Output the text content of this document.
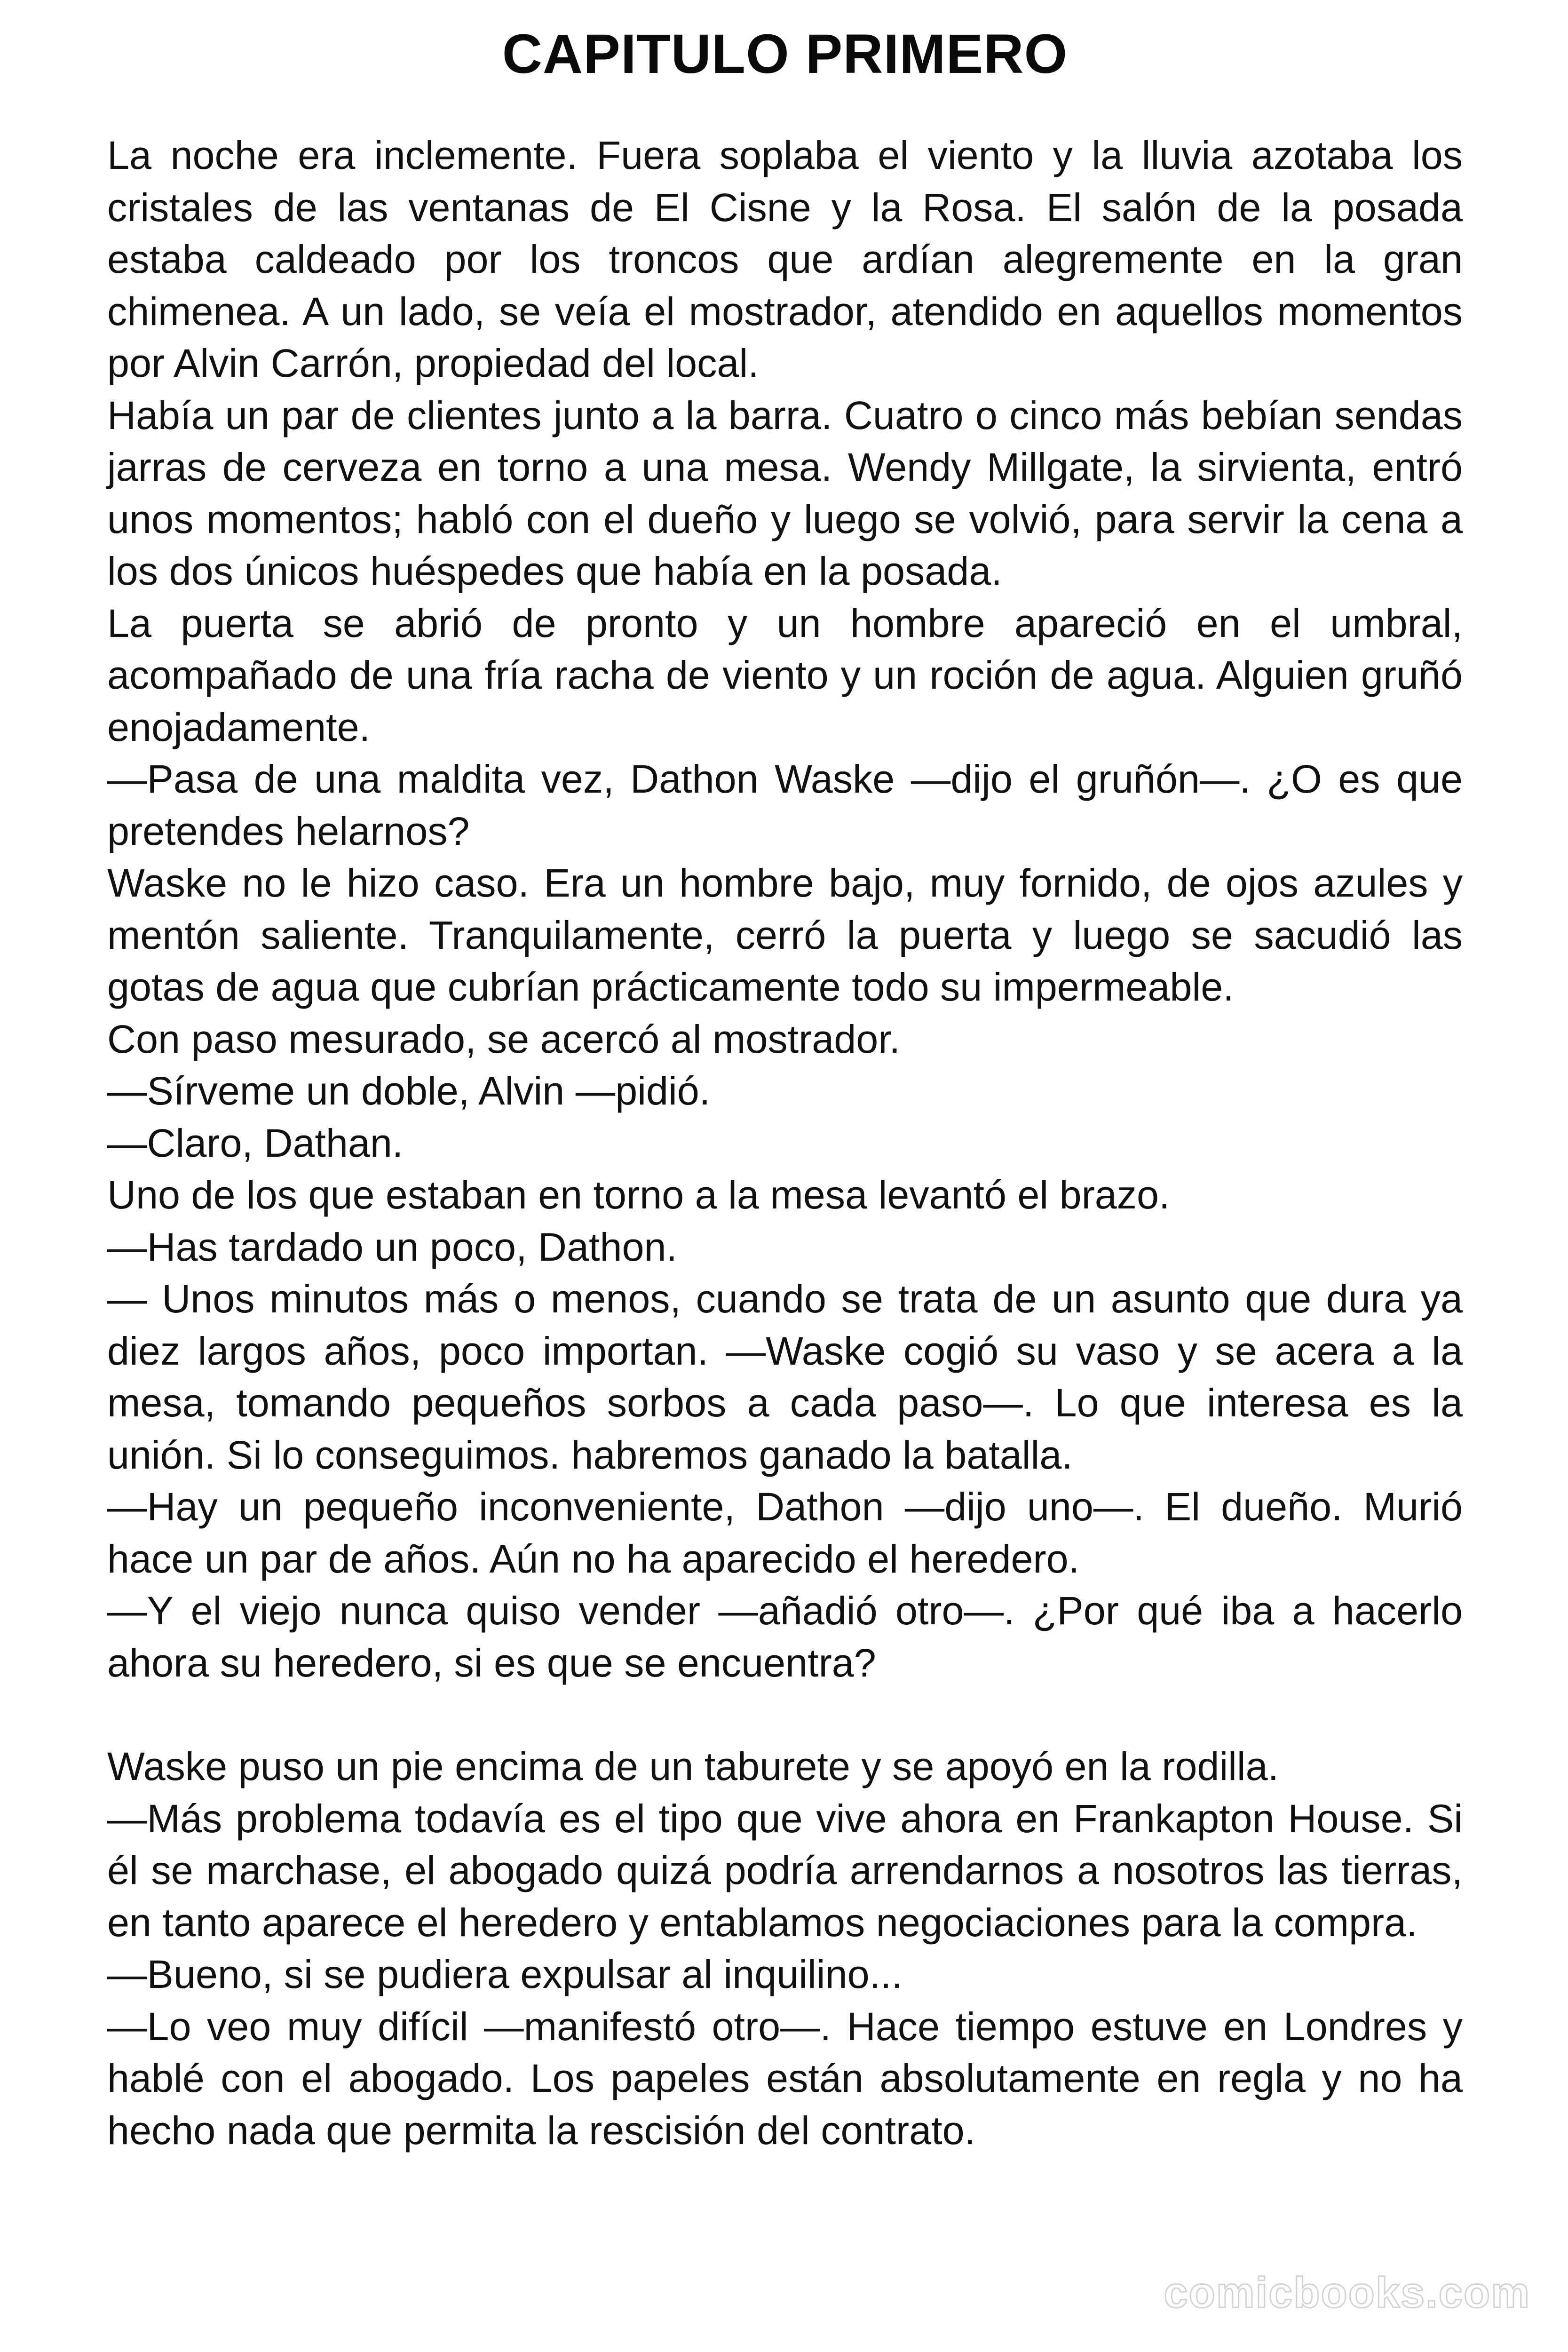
CAPITULO PRIMERO

La noche era inclemente. Fuera soplaba el viento y la lluvia azotaba los cristales de las ventanas de El Cisne y la Rosa. El salón de la posada estaba caldeado por los troncos que ardían alegremente en la gran chimenea. A un lado, se veía el mostrador, atendido en aquellos momentos por Alvin Carrón, propiedad del local.

Había un par de clientes junto a la barra. Cuatro o cinco más bebían sendas jarras de cerveza en torno a una mesa. Wendy Millgate, la sirvienta, entró unos momentos; habló con el dueño y luego se volvió, para servir la cena a los dos únicos huéspedes que había en la posada.

La puerta se abrió de pronto y un hombre apareció en el umbral, acompañado de una fría racha de viento y un roción de agua. Alguien gruñó enojadamente.

—Pasa de una maldita vez, Dathon Waske —dijo el gruñón—. ¿O es que pretendes helarnos?

Waske no le hizo caso. Era un hombre bajo, muy fornido, de ojos azules y mentón saliente. Tranquilamente, cerró la puerta y luego se sacudió las gotas de agua que cubrían prácticamente todo su impermeable.

Con paso mesurado, se acercó al mostrador.

—Sírveme un doble, Alvin —pidió.

—Claro, Dathan.

Uno de los que estaban en torno a la mesa levantó el brazo.

—Has tardado un poco, Dathon.

— Unos minutos más o menos, cuando se trata de un asunto que dura ya diez largos años, poco importan. —Waske cogió su vaso y se acera a la mesa, tomando pequeños sorbos a cada paso—. Lo que interesa es la unión. Si lo conseguimos. habremos ganado la batalla.

—Hay un pequeño inconveniente, Dathon —dijo uno—. El dueño. Murió hace un par de años. Aún no ha aparecido el heredero.

—Y el viejo nunca quiso vender —añadió otro—. ¿Por qué iba a hacerlo ahora su heredero, si es que se encuentra?

Waske puso un pie encima de un taburete y se apoyó en la rodilla.

—Más problema todavía es el tipo que vive ahora en Frankapton House. Si él se marchase, el abogado quizá podría arrendarnos a nosotros las tierras, en tanto aparece el heredero y entablamos negociaciones para la compra.

—Bueno, si se pudiera expulsar al inquilino...

—Lo veo muy difícil —manifestó otro—. Hace tiempo estuve en Londres y hablé con el abogado. Los papeles están absolutamente en regla y no ha hecho nada que permita la rescisión del contrato.

comicbooks.com
